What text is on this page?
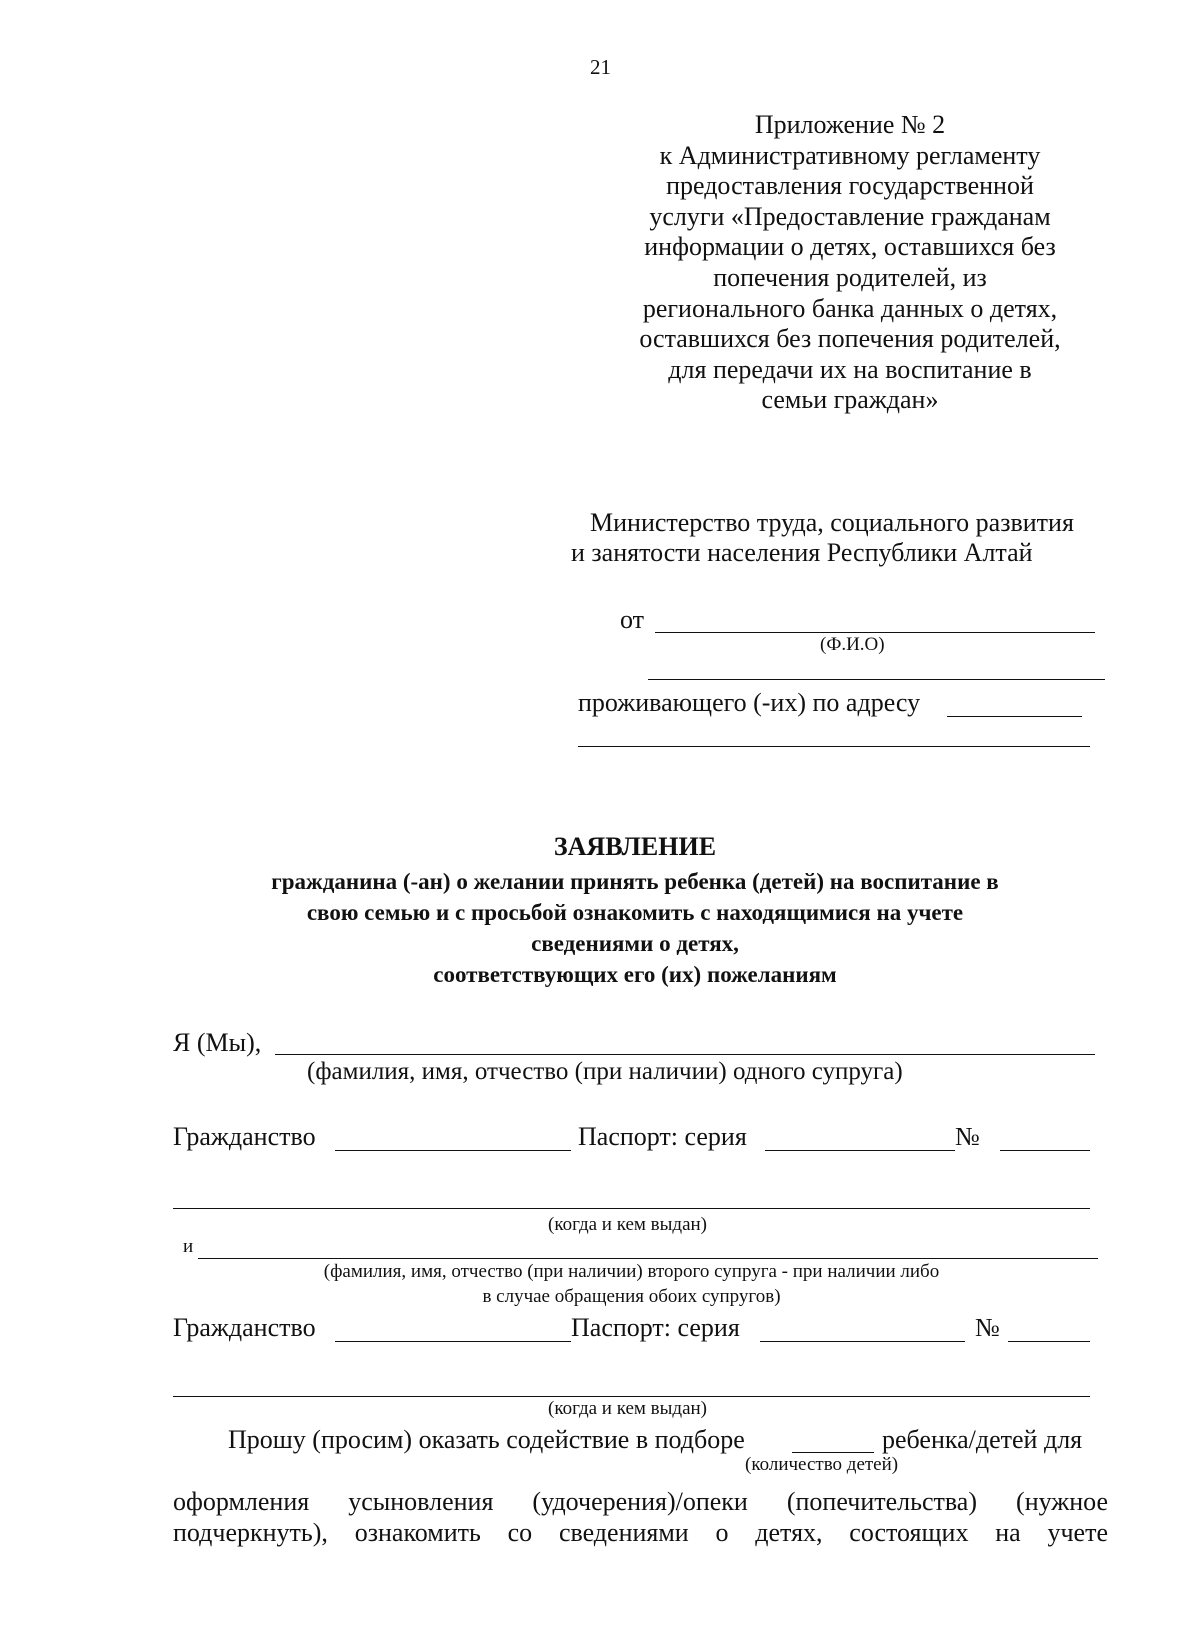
21
Приложение № 2
к Административному регламенту
предоставления государственной
услуги «Предоставление гражданам
информации о детях, оставшихся без
попечения родителей, из
регионального банка данных о детях,
оставшихся без попечения родителей,
для передачи их на воспитание в
семьи граждан»
Министерство труда, социального развития
и занятости населения Республики Алтай
от
(Ф.И.О)
проживающего (-их) по адресу
ЗАЯВЛЕНИЕ
гражданина (-ан) о желании принять ребенка (детей) на воспитание в
свою семью и с просьбой ознакомить с находящимися на учете
сведениями о детях,
соответствующих его (их) пожеланиям
Я (Мы),
(фамилия, имя, отчество (при наличии) одного супруга)
Гражданство	Паспорт: серия	№
(когда и кем выдан)
и
(фамилия, имя, отчество (при наличии) второго супруга - при наличии либо
в случае обращения обоих супругов)
Гражданство	Паспорт: серия	№
(когда и кем выдан)
Прошу (просим) оказать содействие в подборе	ребенка/детей для
(количество детей)
оформления усыновления (удочерения)/опеки (попечительства) (нужное
подчеркнуть), ознакомить со сведениями о детях, состоящих на учете
